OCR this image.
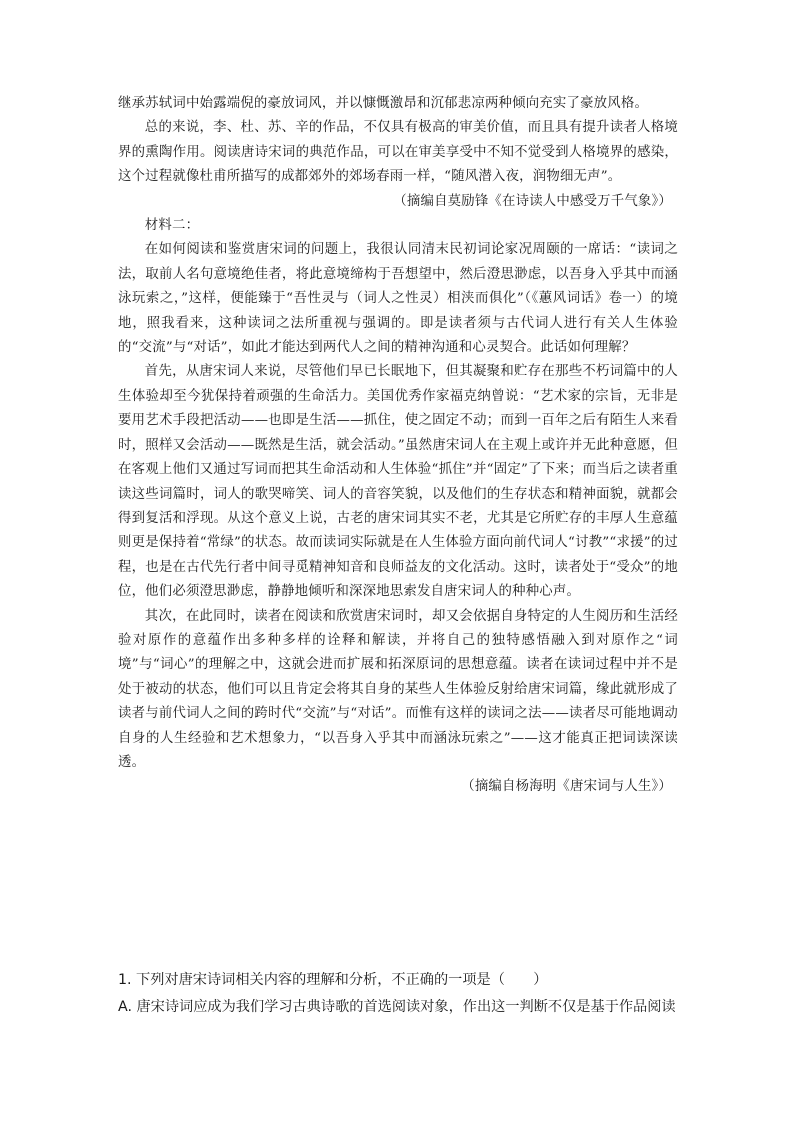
继承苏轼词中始露端倪的豪放词风，并以慷慨激昂和沉郁悲凉两种倾向充实了豪放风格。

总的来说，李、杜、苏、辛的作品，不仅具有极高的审美价值，而且具有提升读者人格境界的熏陶作用。阅读唐诗宋词的典范作品，可以在审美享受中不知不觉受到人格境界的感染，这个过程就像杜甫所描写的成都郊外的郊场春雨一样，“随风潜入夜，润物细无声”。

（摘编自莫励锋《在诗读人中感受万千气象》）

材料二：

在如何阅读和鉴赏唐宋词的问题上，我很认同清末民初词论家况周颐的一席话：“读词之法，取前人名句意境绝佳者，将此意境缔构于吾想望中，然后澄思渺虑，以吾身入乎其中而涵泳玩索之，”这样，便能臻于“吾性灵与（词人之性灵）相浃而俱化”（《蕙风词话》卷一）的境地，照我看来，这种读词之法所重视与强调的。即是读者须与古代词人进行有关人生体验的“交流”与“对话”，如此才能达到两代人之间的精神沟通和心灵契合。此话如何理解？

首先，从唐宋词人来说，尽管他们早已长眠地下，但其凝聚和贮存在那些不朽词篇中的人生体验却至今犹保持着顽强的生命活力。美国优秀作家福克纳曾说：“艺术家的宗旨，无非是要用艺术手段把活动——也即是生活——抓住，使之固定不动；而到一百年之后有陌生人来看时，照样又会活动——既然是生活，就会活动。”虽然唐宋词人在主观上或许并无此种意愿，但在客观上他们又通过写词而把其生命活动和人生体验“抓住”并“固定”了下来；而当后之读者重读这些词篇时，词人的歌哭啼笑、词人的音容笑貌，以及他们的生存状态和精神面貌，就都会得到复活和浮现。从这个意义上说，古老的唐宋词其实不老，尤其是它所贮存的丰厚人生意蕴则更是保持着“常绿”的状态。故而读词实际就是在人生体验方面向前代词人“讨教”“求援”的过程，也是在古代先行者中间寻觅精神知音和良师益友的文化活动。这时，读者处于“受众”的地位，他们必须澄思渺虑，静静地倾听和深深地思索发自唐宋词人的种种心声。

其次，在此同时，读者在阅读和欣赏唐宋词时，却又会依据自身特定的人生阅历和生活经验对原作的意蕴作出多种多样的诠释和解读，并将自己的独特感悟融入到对原作之“词境”与“词心”的理解之中，这就会进而扩展和拓深原词的思想意蕴。读者在读词过程中并不是处于被动的状态，他们可以且肯定会将其自身的某些人生体验反射给唐宋词篇，缘此就形成了读者与前代词人之间的跨时代“交流”与“对话”。而惟有这样的读词之法——读者尽可能地调动自身的人生经验和艺术想象力，“以吾身入乎其中而涵泳玩索之”——这才能真正把词读深读透。

（摘编自杨海明《唐宋词与人生》）

1. 下列对唐宋诗词相关内容的理解和分析，不正确的一项是（　　）

A. 唐宋诗词应成为我们学习古典诗歌的首选阅读对象，作出这一判断不仅是基于作品阅读
